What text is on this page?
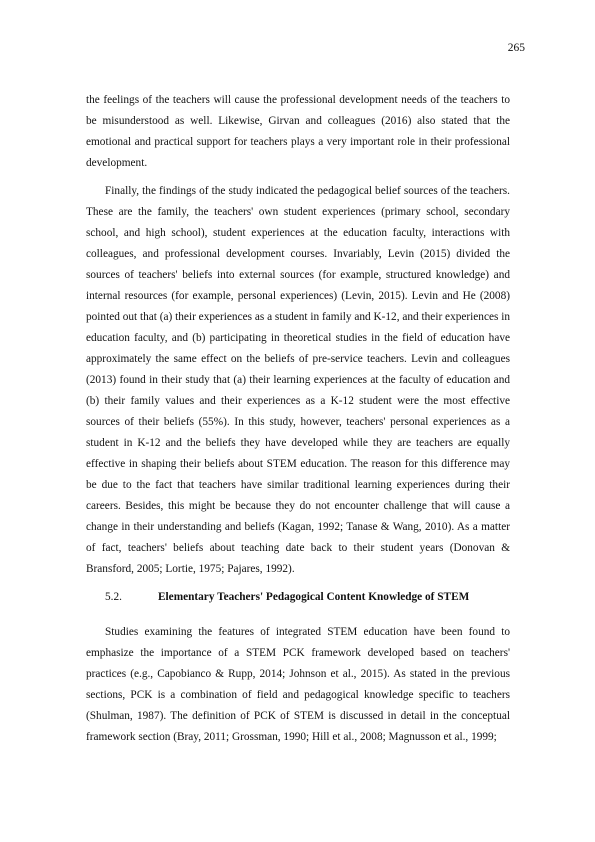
265

the feelings of the teachers will cause the professional development needs of the teachers to be misunderstood as well. Likewise, Girvan and colleagues (2016) also stated that the emotional and practical support for teachers plays a very important role in their professional development.

Finally, the findings of the study indicated the pedagogical belief sources of the teachers. These are the family, the teachers' own student experiences (primary school, secondary school, and high school), student experiences at the education faculty, interactions with colleagues, and professional development courses. Invariably, Levin (2015) divided the sources of teachers' beliefs into external sources (for example, structured knowledge) and internal resources (for example, personal experiences) (Levin, 2015). Levin and He (2008) pointed out that (a) their experiences as a student in family and K-12, and their experiences in education faculty, and (b) participating in theoretical studies in the field of education have approximately the same effect on the beliefs of pre-service teachers. Levin and colleagues (2013) found in their study that (a) their learning experiences at the faculty of education and (b) their family values and their experiences as a K-12 student were the most effective sources of their beliefs (55%). In this study, however, teachers' personal experiences as a student in K-12 and the beliefs they have developed while they are teachers are equally effective in shaping their beliefs about STEM education. The reason for this difference may be due to the fact that teachers have similar traditional learning experiences during their careers. Besides, this might be because they do not encounter challenge that will cause a change in their understanding and beliefs (Kagan, 1992; Tanase & Wang, 2010). As a matter of fact, teachers' beliefs about teaching date back to their student years (Donovan & Bransford, 2005; Lortie, 1975; Pajares, 1992).

5.2.	Elementary Teachers' Pedagogical Content Knowledge of STEM

Studies examining the features of integrated STEM education have been found to emphasize the importance of a STEM PCK framework developed based on teachers' practices (e.g., Capobianco & Rupp, 2014; Johnson et al., 2015). As stated in the previous sections, PCK is a combination of field and pedagogical knowledge specific to teachers (Shulman, 1987). The definition of PCK of STEM is discussed in detail in the conceptual framework section (Bray, 2011; Grossman, 1990; Hill et al., 2008; Magnusson et al., 1999;
